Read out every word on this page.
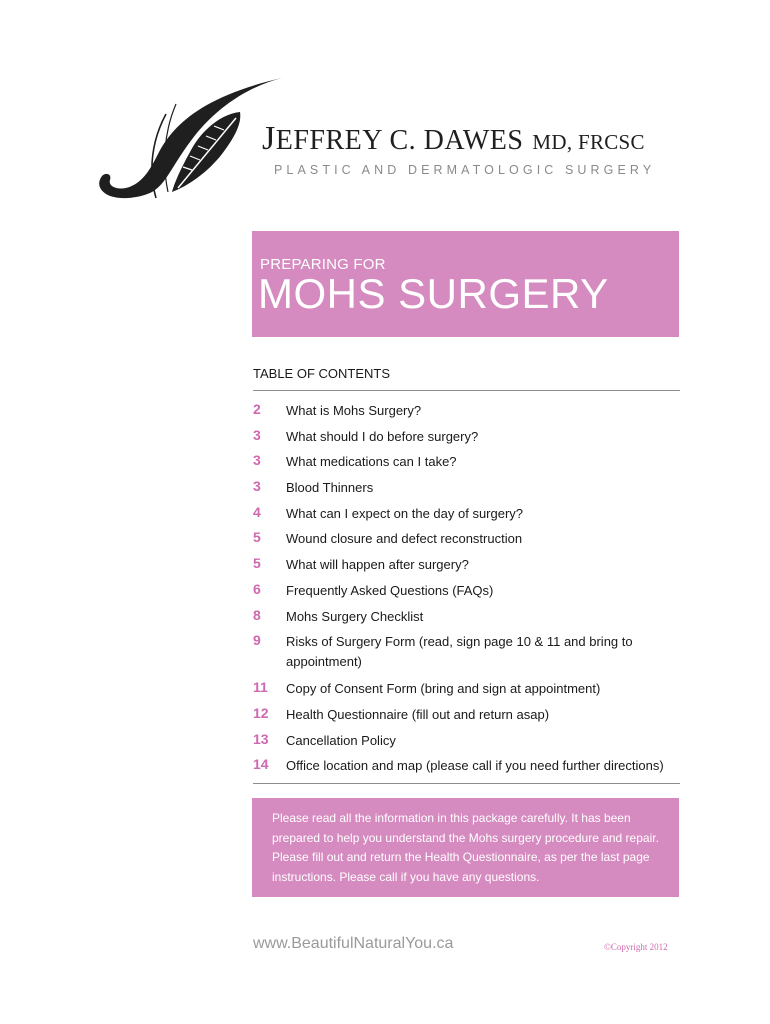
JEFFREY C. DAWES MD, FRCSC
PLASTIC AND DERMATOLOGIC SURGERY
PREPARING FOR
MOHS SURGERY
TABLE OF CONTENTS
2 What is Mohs Surgery?
3 What should I do before surgery?
3 What medications can I take?
3 Blood Thinners
4 What can I expect on the day of surgery?
5 Wound closure and defect reconstruction
5 What will happen after surgery?
6 Frequently Asked Questions (FAQs)
8 Mohs Surgery Checklist
9 Risks of Surgery Form (read, sign page 10 & 11 and bring to appointment)
11 Copy of Consent Form (bring and sign at appointment)
12 Health Questionnaire (fill out and return asap)
13 Cancellation Policy
14 Office location and map (please call if you need further directions)
Please read all the information in this package carefully. It has been prepared to help you understand the Mohs surgery procedure and repair. Please fill out and return the Health Questionnaire, as per the last page instructions. Please call if you have any questions.
www.BeautifulNaturalYou.ca	©Copyright 2012
